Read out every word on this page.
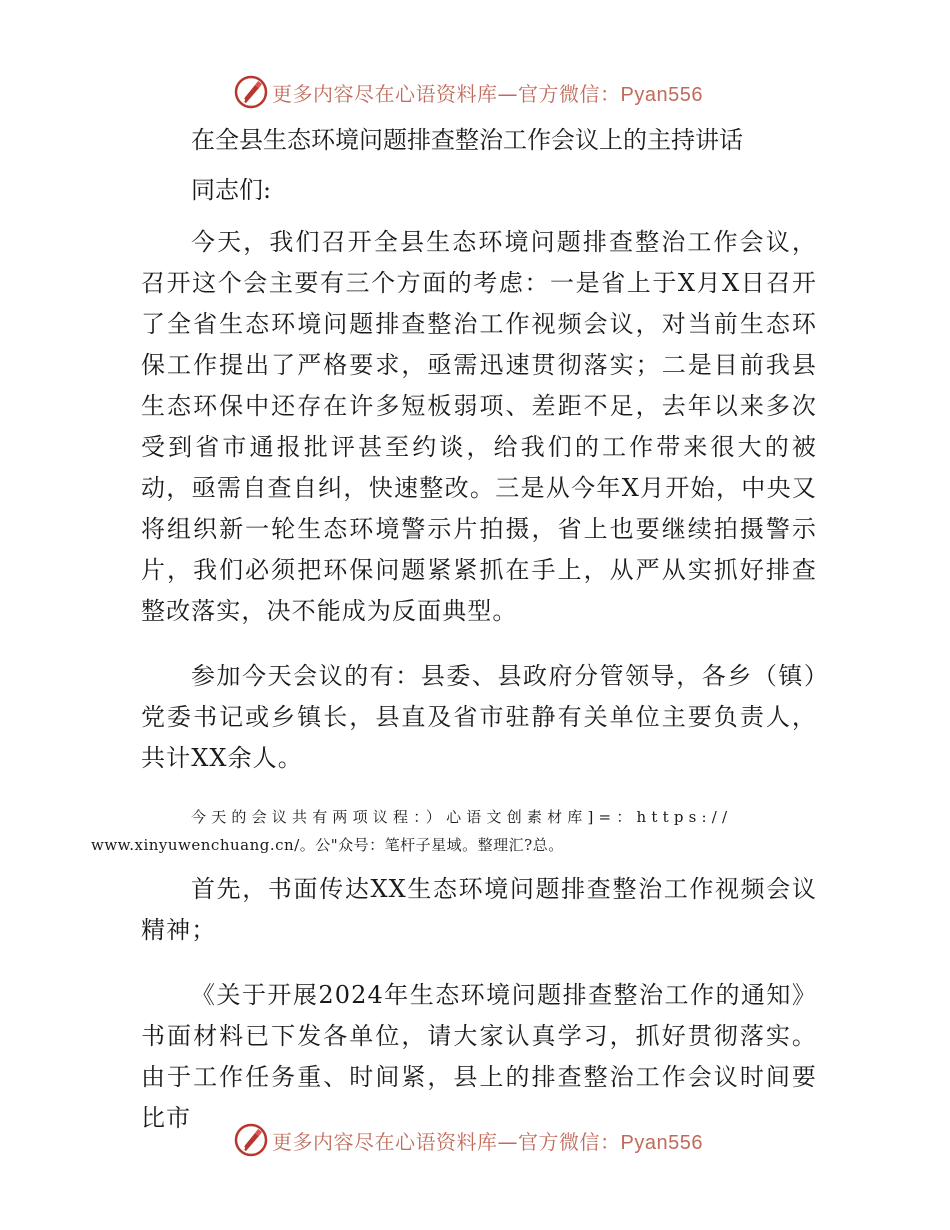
更多内容尽在心语资料库—官方微信：Pyan556
在全县生态环境问题排查整治工作会议上的主持讲话
同志们:

今天，我们召开全县生态环境问题排查整治工作会议，召开这个会主要有三个方面的考虑：一是省上于X月X日召开了全省生态环境问题排查整治工作视频会议，对当前生态环保工作提出了严格要求，亟需迅速贯彻落实；二是目前我县生态环保中还存在许多短板弱项、差距不足，去年以来多次受到省市通报批评甚至约谈，给我们的工作带来很大的被动，亟需自查自纠，快速整改。三是从今年X月开始，中央又将组织新一轮生态环境警示片拍摄，省上也要继续拍摄警示片，我们必须把环保问题紧紧抓在手上，从严从实抓好排查整改落实，决不能成为反面典型。

参加今天会议的有：县委、县政府分管领导，各乡（镇）党委书记或乡镇长，县直及省市驻静有关单位主要负责人，共计XX余人。

今天的会议共有两项议程：）心语文创素材库]=：https://
www.xinyuwenchuang.cn/。公"众号：笔杆子星域。整理汇?总。

首先，书面传达XX生态环境问题排查整治工作视频会议精神；

《关于开展2024年生态环境问题排查整治工作的通知》书面材料已下发各单位，请大家认真学习，抓好贯彻落实。由于工作任务重、时间紧，县上的排查整治工作会议时间要比市

更多内容尽在心语资料库—官方微信：Pyan556
